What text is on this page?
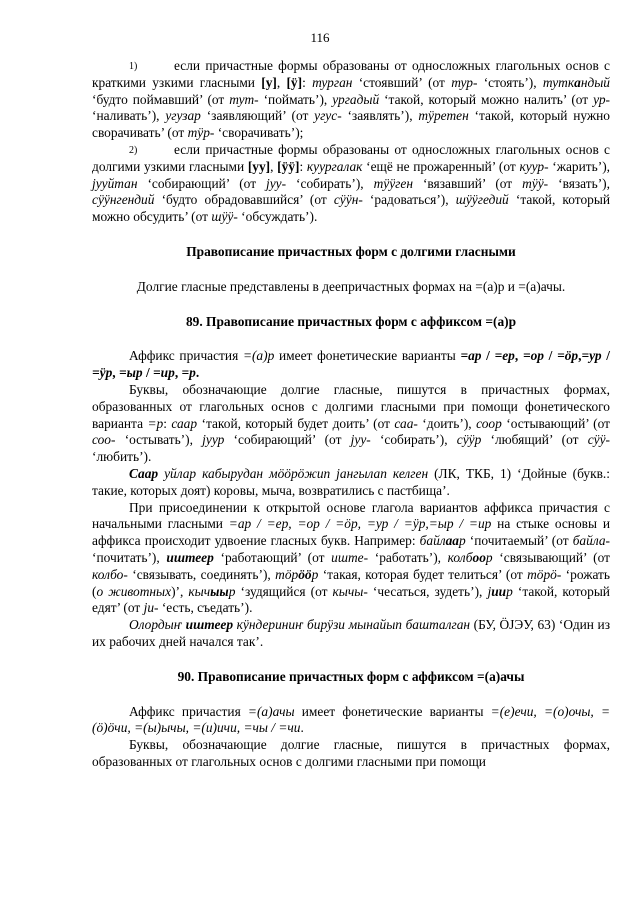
116

1)	если причастные формы образованы от односложных глагольных основ с краткими узкими гласными [у], [ӱ]: турган ‘стоявший’ (от тур- ‘стоять’), туткандый ‘будто поймавший’ (от тут- ‘поймать’), ургадый ‘такой, который можно налить’ (от ур- ‘наливать’), угузар ‘заявляющий’ (от угус- ‘заявлять’), тӱретен ‘такой, который нужно сворачивать’ (от тӱр- ‘сворачивать’);

2)	если причастные формы образованы от односложных глагольных основ с долгими узкими гласными [уу], [ӱӱ]: куургалак ‘ещё не прожаренный’ (от куур- ‘жарить’), јууйтан ‘собирающий’ (от јуу- ‘собирать’), тӱӱген ‘вязавший’ (от тӱӱ- ‘вязать’), сӱӱнгендий ‘будто обрадовавшийся’ (от сӱӱн- ‘радоваться’), шӱӱгедий ‘такой, который можно обсудить’ (от шӱӱ- ‘обсуждать’).

Правописание причастных форм с долгими гласными

Долгие гласные представлены в деепричастных формах на =(а)р и =(а)ачы.

89. Правописание причастных форм с аффиксом =(а)р

Аффикс причастия =(а)р имеет фонетические варианты =ар / =ер, =ор / =öр,=ур / =ӱр, =ыр / =ир, =р.

Буквы, обозначающие долгие гласные, пишутся в причастных формах, образованных от глагольных основ с долгими гласными при помощи фонетического варианта =р: саар ‘такой, который будет доить’ (от саа- ‘доить’), соор ‘остывающий’ (от соо- ‘остывать’), јуур ‘собирающий’ (от јуу- ‘собирать’), сӱӱр ‘любящий’ (от сӱӱ- ‘любить’).

Саар уйлар кабырудан мӧӧрӧжип јангылап келген (ЛК, ТКБ, 1) ‘Дойные (букв.: такие, которых доят) коровы, мыча, возвратились с пастбища’.

При присоединении к открытой основе глагола вариантов аффикса причастия с начальными гласными =ар / =ер, =ор / =öр, =ур / =ӱр,=ыр / =ир на стыке основы и аффикса происходит удвоение гласных букв. Например: байлаар ‘почитаемый’ (от байла- ‘почитать’), иштеер ‘работающий’ (от иште- ‘работать’), колбоор ‘связывающий’ (от колбо- ‘связывать, соединять’), тӧрӧӧр ‘такая, которая будет телиться’ (от тӧрӧ- ‘рожать (о животных)’, кычыыр ‘зудящийся (от кычы- ‘чесаться, зудеть’), јиир ‘такой, который едят’ (от ји- ‘есть, съедать’).

Олордыҥ иштеер кӱндериниҥ бирӱзи мынайып башталган (БУ, ÖЈЭУ, 63) ‘Один из их рабочих дней начался так’.

90. Правописание причастных форм с аффиксом =(а)ачы

Аффикс причастия =(а)ачы имеет фонетические варианты =(е)ечи, =(о)очы, =(ӧ)ӧчи, =(ы)ычы, =(и)ичи, =чы / =чи.

Буквы, обозначающие долгие гласные, пишутся в причастных формах, образованных от глагольных основ с долгими гласными при помощи
